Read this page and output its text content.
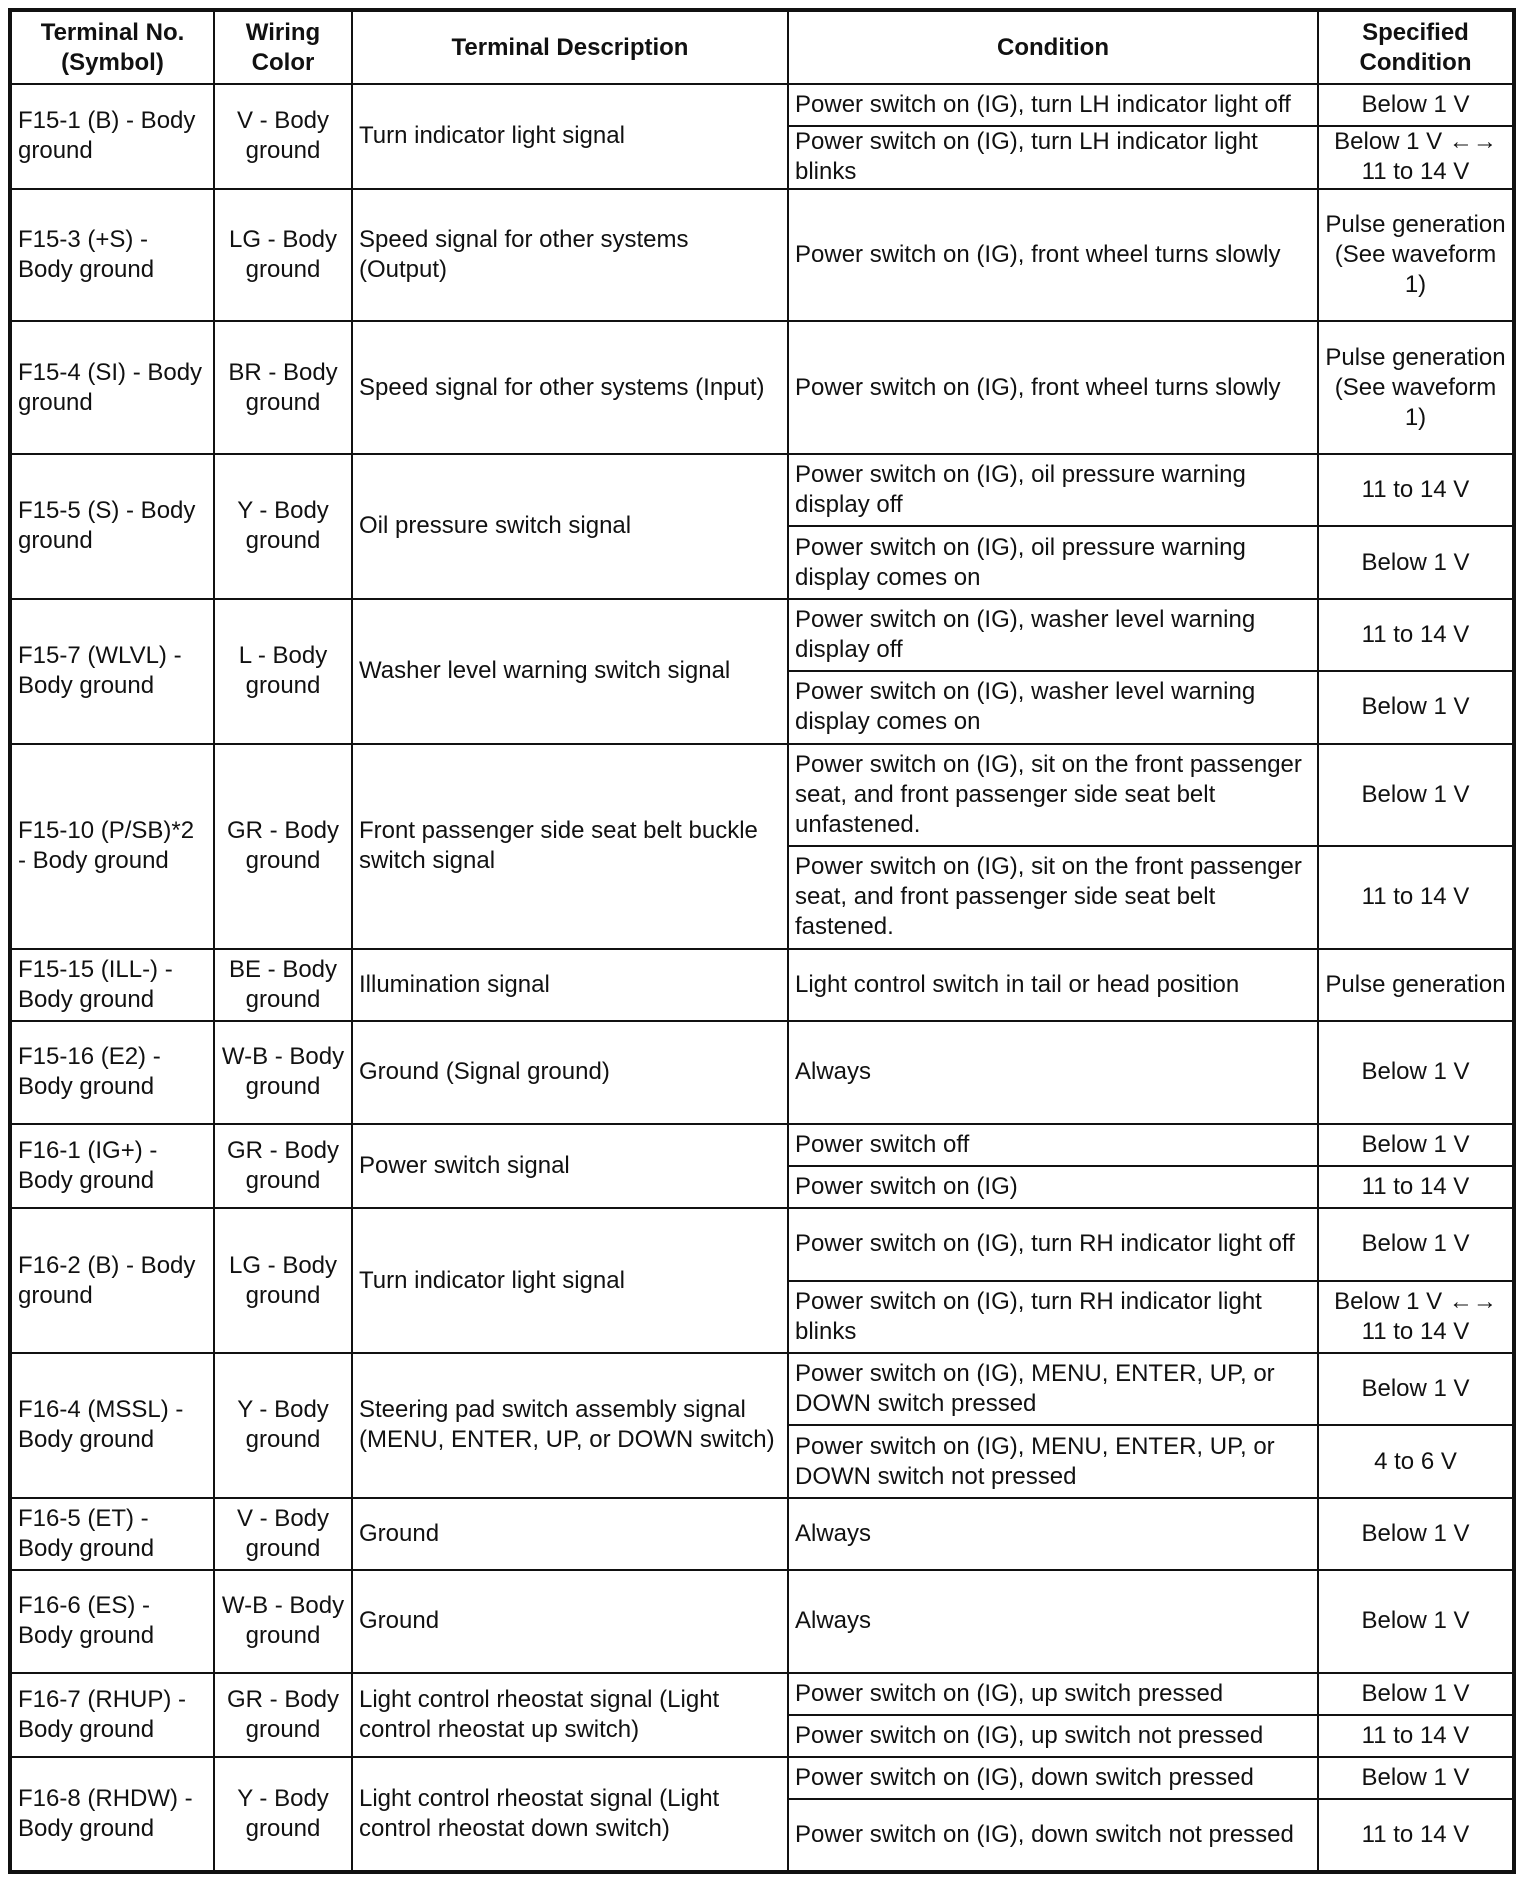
Terminal No. (Symbol)	Wiring Color	Terminal Description	Condition	Specified Condition
F15-1 (B) - Body ground	V - Body ground	Turn indicator light signal	Power switch on (IG), turn LH indicator light off	Below 1 V
			Power switch on (IG), turn LH indicator light blinks	Below 1 V ←→ 11 to 14 V
F15-3 (+S) - Body ground	LG - Body ground	Speed signal for other systems (Output)	Power switch on (IG), front wheel turns slowly	Pulse generation (See waveform 1)
F15-4 (SI) - Body ground	BR - Body ground	Speed signal for other systems (Input)	Power switch on (IG), front wheel turns slowly	Pulse generation (See waveform 1)
F15-5 (S) - Body ground	Y - Body ground	Oil pressure switch signal	Power switch on (IG), oil pressure warning display off	11 to 14 V
			Power switch on (IG), oil pressure warning display comes on	Below 1 V
F15-7 (WLVL) - Body ground	L - Body ground	Washer level warning switch signal	Power switch on (IG), washer level warning display off	11 to 14 V
			Power switch on (IG), washer level warning display comes on	Below 1 V
F15-10 (P/SB)*2 - Body ground	GR - Body ground	Front passenger side seat belt buckle switch signal	Power switch on (IG), sit on the front passenger seat, and front passenger side seat belt unfastened.	Below 1 V
			Power switch on (IG), sit on the front passenger seat, and front passenger side seat belt fastened.	11 to 14 V
F15-15 (ILL-) - Body ground	BE - Body ground	Illumination signal	Light control switch in tail or head position	Pulse generation
F15-16 (E2) - Body ground	W-B - Body ground	Ground (Signal ground)	Always	Below 1 V
F16-1 (IG+) - Body ground	GR - Body ground	Power switch signal	Power switch off	Below 1 V
			Power switch on (IG)	11 to 14 V
F16-2 (B) - Body ground	LG - Body ground	Turn indicator light signal	Power switch on (IG), turn RH indicator light off	Below 1 V
			Power switch on (IG), turn RH indicator light blinks	Below 1 V ←→ 11 to 14 V
F16-4 (MSSL) - Body ground	Y - Body ground	Steering pad switch assembly signal (MENU, ENTER, UP, or DOWN switch)	Power switch on (IG), MENU, ENTER, UP, or DOWN switch pressed	Below 1 V
			Power switch on (IG), MENU, ENTER, UP, or DOWN switch not pressed	4 to 6 V
F16-5 (ET) - Body ground	V - Body ground	Ground	Always	Below 1 V
F16-6 (ES) - Body ground	W-B - Body ground	Ground	Always	Below 1 V
F16-7 (RHUP) - Body ground	GR - Body ground	Light control rheostat signal (Light control rheostat up switch)	Power switch on (IG), up switch pressed	Below 1 V
			Power switch on (IG), up switch not pressed	11 to 14 V
F16-8 (RHDW) - Body ground	Y - Body ground	Light control rheostat signal (Light control rheostat down switch)	Power switch on (IG), down switch pressed	Below 1 V
			Power switch on (IG), down switch not pressed	11 to 14 V
